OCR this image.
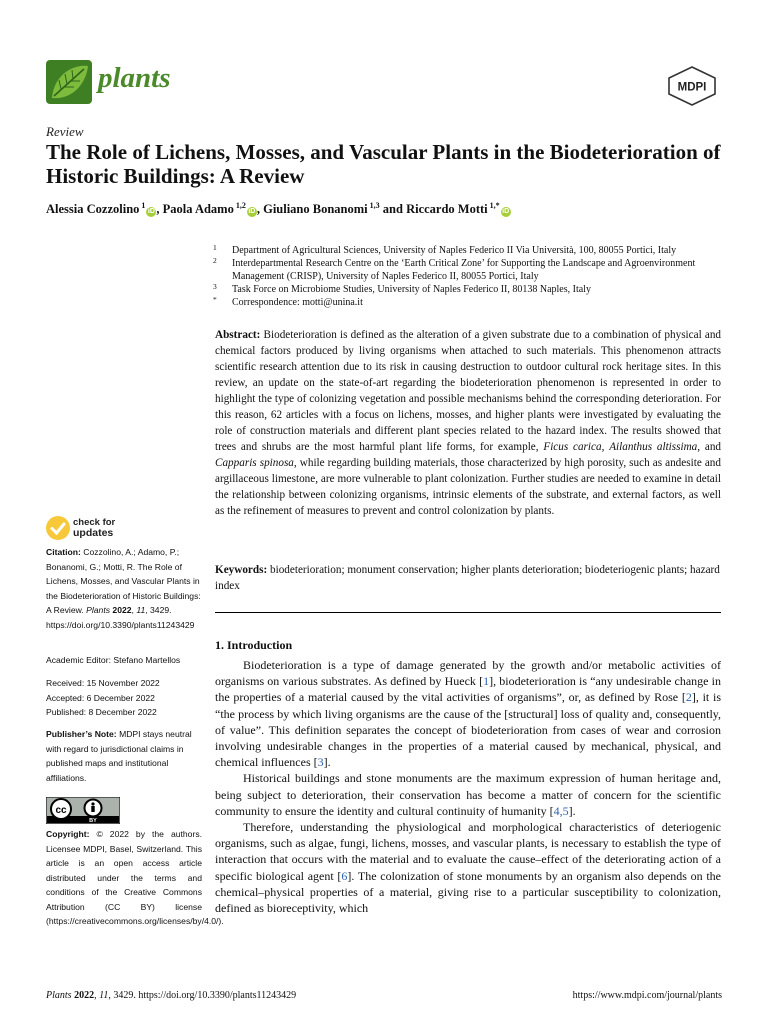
plants	MDPI
Review
The Role of Lichens, Mosses, and Vascular Plants in the Biodeterioration of Historic Buildings: A Review
Alessia Cozzolino $^1$iD , Paola Adamo $^{1,2}$iD , Giuliano Bonanomi $^{1,3}$ and Riccardo Motti $^{1,*}$iD
1 Department of Agricultural Sciences, University of Naples Federico II Via Università, 100, 80055 Portici, Italy
2 Interdepartmental Research Centre on the ‘Earth Critical Zone’ for Supporting the Landscape and Agroenvironment Management (CRISP), University of Naples Federico II, 80055 Portici, Italy
3 Task Force on Microbiome Studies, University of Naples Federico II, 80138 Naples, Italy
* Correspondence: motti@unina.it
Abstract: Biodeterioration is defined as the alteration of a given substrate due to a combination of physical and chemical factors produced by living organisms when attached to such materials. This phenomenon attracts scientific research attention due to its risk in causing destruction to outdoor cultural rock heritage sites. In this review, an update on the state-of-art regarding the biodeterioration phenomenon is represented in order to highlight the type of colonizing vegetation and possible mechanisms behind the corresponding deterioration. For this reason, 62 articles with a focus on lichens, mosses, and higher plants were investigated by evaluating the role of construction materials and different plant species related to the hazard index. The results showed that trees and shrubs are the most harmful plant life forms, for example, Ficus carica, Ailanthus altissima, and Capparis spinosa, while regarding building materials, those characterized by high porosity, such as andesite and argillaceous limestone, are more vulnerable to plant colonization. Further studies are needed to examine in detail the relationship between colonizing organisms, intrinsic elements of the substrate, and external factors, as well as the refinement of measures to prevent and control colonization by plants.
Keywords: biodeterioration; monument conservation; higher plants deterioration; biodeteriogenic plants; hazard index
check for
updates
Citation: Cozzolino, A.; Adamo, P.; Bonanomi, G.; Motti, R. The Role of Lichens, Mosses, and Vascular Plants in the Biodeterioration of Historic Buildings: A Review. Plants 2022, 11, 3429. https://doi.org/10.3390/plants11243429
Academic Editor: Stefano Martellos
Received: 15 November 2022
Accepted: 6 December 2022
Published: 8 December 2022
Publisher’s Note: MDPI stays neutral with regard to jurisdictional claims in published maps and institutional affiliations.
cc
BY
Copyright: © 2022 by the authors. Licensee MDPI, Basel, Switzerland. This article is an open access article distributed under the terms and conditions of the Creative Commons Attribution (CC BY) license (https://creativecommons.org/licenses/by/4.0/).
1. Introduction

Biodeterioration is a type of damage generated by the growth and/or metabolic activities of organisms on various substrates. As defined by Hueck [1], biodeterioration is “any undesirable change in the properties of a material caused by the vital activities of organisms”, or, as defined by Rose [2], it is “the process by which living organisms are the cause of the [structural] loss of quality and, consequently, of value”. This definition separates the concept of biodeterioration from cases of wear and corrosion involving undesirable changes in the properties of a material caused by mechanical, physical, and chemical influences [3].

Historical buildings and stone monuments are the maximum expression of human heritage and, being subject to deterioration, their conservation has become a matter of concern for the scientific community to ensure the identity and cultural continuity of humanity [4,5].

Therefore, understanding the physiological and morphological characteristics of deteriogenic organisms, such as algae, fungi, lichens, mosses, and vascular plants, is necessary to establish the type of interaction that occurs with the material and to evaluate the cause–effect of the deteriorating action of a specific biological agent [6]. The colonization of stone monuments by an organism also depends on the chemical–physical properties of a material, giving rise to a particular susceptibility to colonization, defined as bioreceptivity, which

Plants 2022, 11, 3429. https://doi.org/10.3390/plants11243429	https://www.mdpi.com/journal/plants
